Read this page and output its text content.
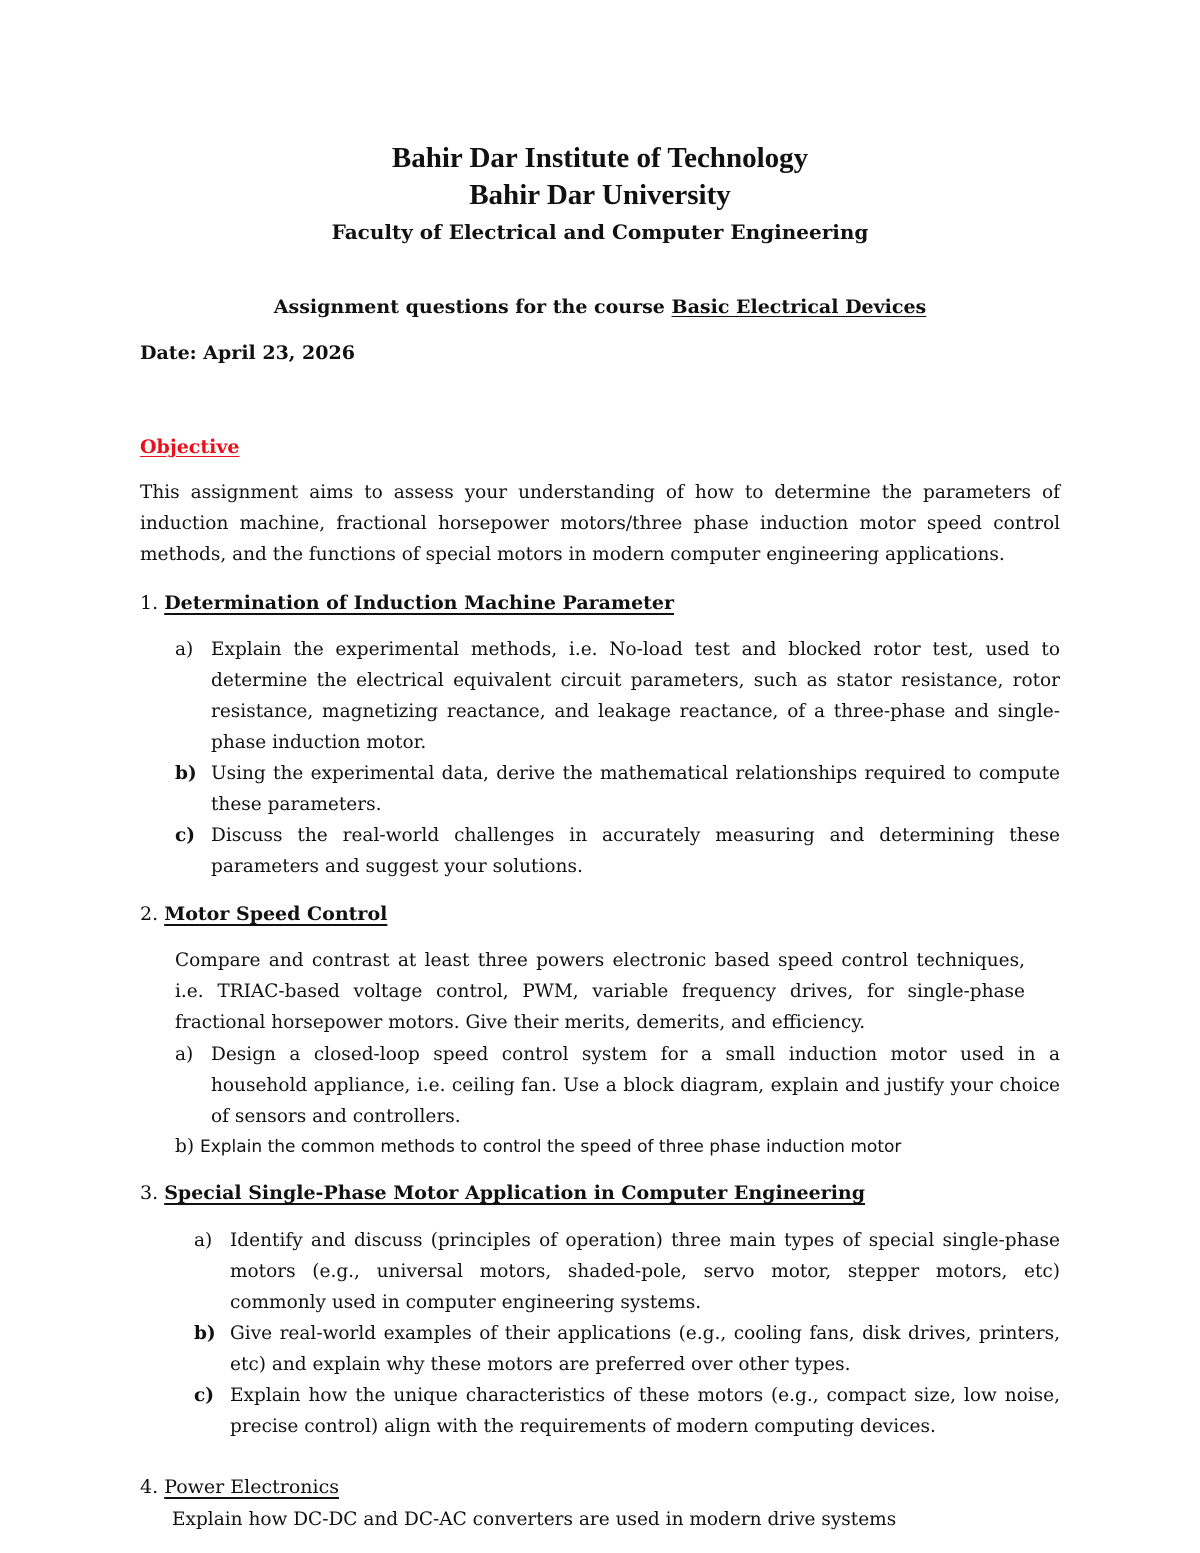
Bahir Dar Institute of Technology
Bahir Dar University
Faculty of Electrical and Computer Engineering
Assignment questions for the course Basic Electrical Devices
Date: April 23, 2026
Objective
This assignment aims to assess your understanding of how to determine the parameters of induction machine, fractional horsepower motors/three phase induction motor speed control methods, and the functions of special motors in modern computer engineering applications.
1. Determination of Induction Machine Parameter
a) Explain the experimental methods, i.e. No-load test and blocked rotor test, used to determine the electrical equivalent circuit parameters, such as stator resistance, rotor resistance, magnetizing reactance, and leakage reactance, of a three-phase and single-phase induction motor.
b) Using the experimental data, derive the mathematical relationships required to compute these parameters.
c) Discuss the real-world challenges in accurately measuring and determining these parameters and suggest your solutions.
2. Motor Speed Control
Compare and contrast at least three powers electronic based speed control techniques, i.e. TRIAC-based voltage control, PWM, variable frequency drives, for single-phase fractional horsepower motors. Give their merits, demerits, and efficiency.
a) Design a closed-loop speed control system for a small induction motor used in a household appliance, i.e. ceiling fan. Use a block diagram, explain and justify your choice of sensors and controllers.
b) Explain the common methods to control the speed of three phase induction motor
3. Special Single-Phase Motor Application in Computer Engineering
a) Identify and discuss (principles of operation) three main types of special single-phase motors (e.g., universal motors, shaded-pole, servo motor, stepper motors, etc) commonly used in computer engineering systems.
b) Give real-world examples of their applications (e.g., cooling fans, disk drives, printers, etc) and explain why these motors are preferred over other types.
c) Explain how the unique characteristics of these motors (e.g., compact size, low noise, precise control) align with the requirements of modern computing devices.
4. Power Electronics
Explain how DC-DC and DC-AC converters are used in modern drive systems
